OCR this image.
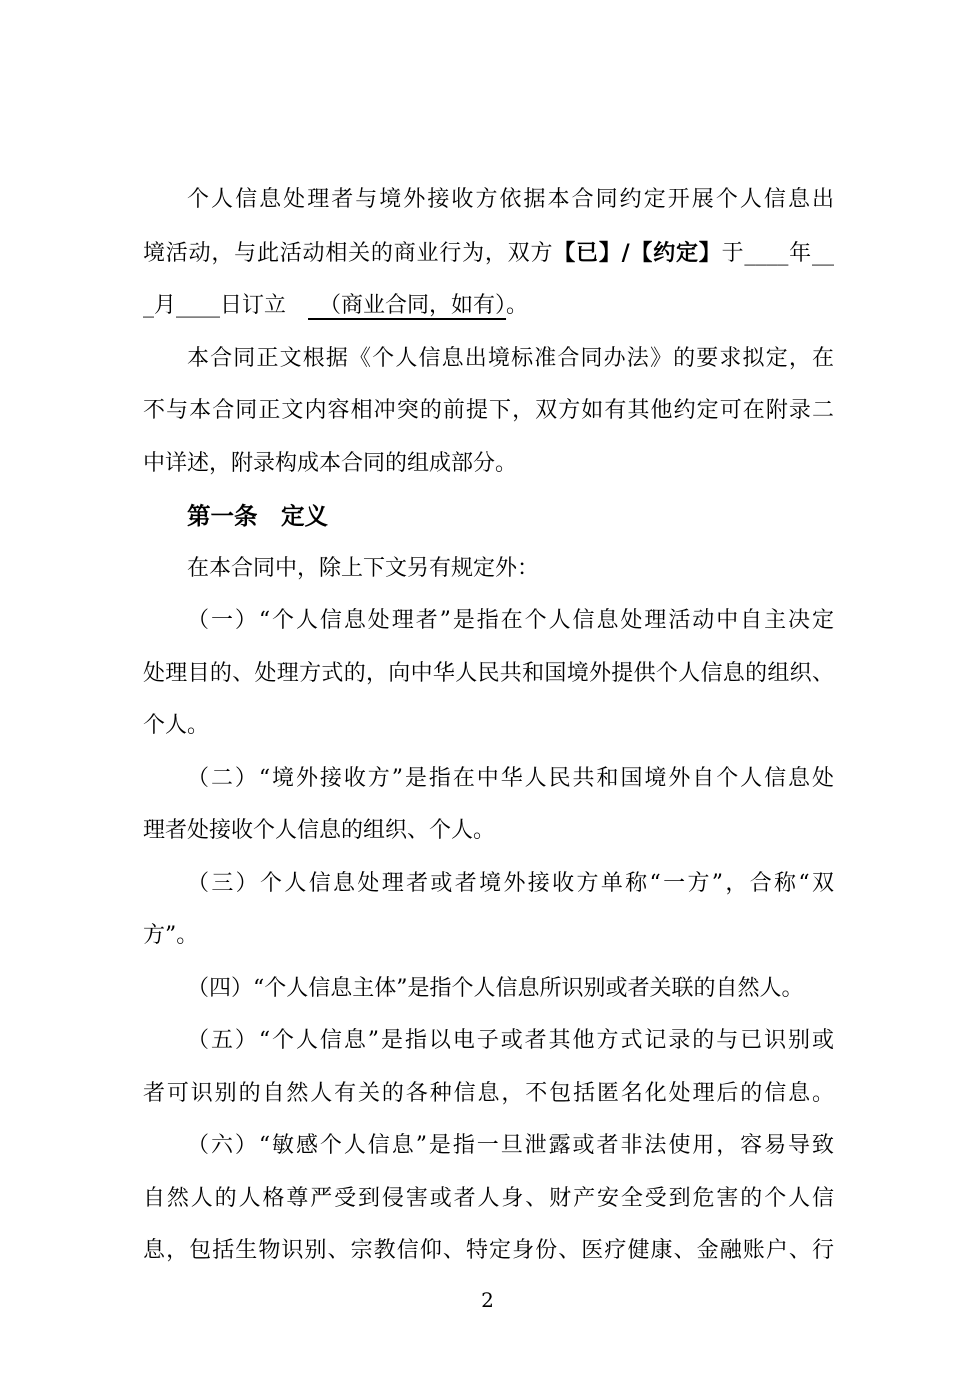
个人信息处理者与境外接收方依据本合同约定开展个人信息出
境活动，与此活动相关的商业行为，双方【已】/【约定】于____年__
_月____日订立　　（商业合同，如有）。
本合同正文根据《个人信息出境标准合同办法》的要求拟定，在
不与本合同正文内容相冲突的前提下，双方如有其他约定可在附录二
中详述，附录构成本合同的组成部分。
第一条　定义
在本合同中，除上下文另有规定外：
（一）“个人信息处理者”是指在个人信息处理活动中自主决定
处理目的、处理方式的，向中华人民共和国境外提供个人信息的组织、
个人。
（二）“境外接收方”是指在中华人民共和国境外自个人信息处
理者处接收个人信息的组织、个人。
（三）个人信息处理者或者境外接收方单称“一方”，合称“双
方”。
（四）“个人信息主体”是指个人信息所识别或者关联的自然人。
（五）“个人信息”是指以电子或者其他方式记录的与已识别或
者可识别的自然人有关的各种信息，不包括匿名化处理后的信息。
（六）“敏感个人信息”是指一旦泄露或者非法使用，容易导致
自然人的人格尊严受到侵害或者人身、财产安全受到危害的个人信
息，包括生物识别、宗教信仰、特定身份、医疗健康、金融账户、行
2
